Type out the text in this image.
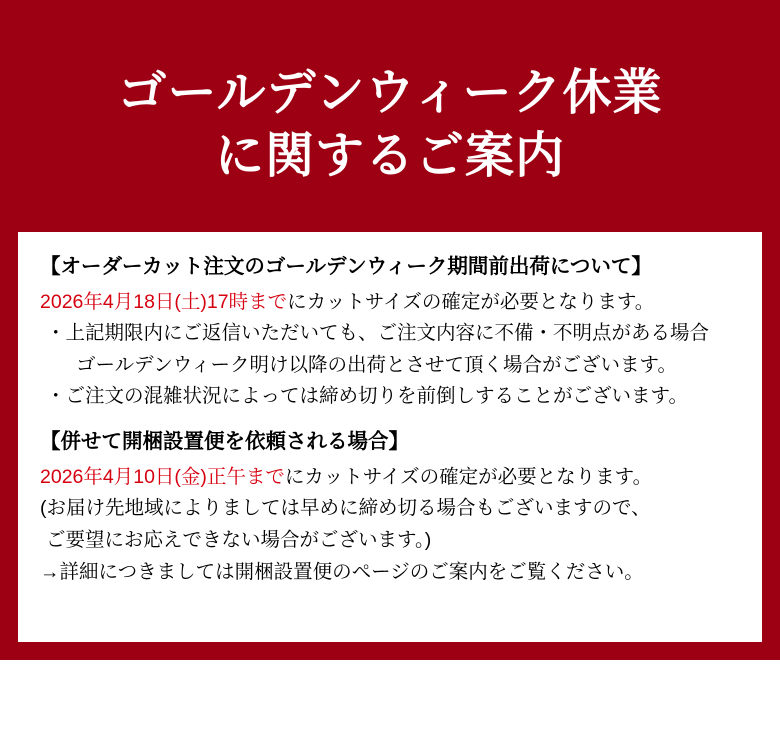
ゴールデンウィーク休業
に関するご案内
【オーダーカット注文のゴールデンウィーク期間前出荷について】
2026年4月18日(土)17時までにカットサイズの確定が必要となります。
・上記期限内にご返信いただいても、ご注文内容に不備・不明点がある場合
ゴールデンウィーク明け以降の出荷とさせて頂く場合がございます。
・ご注文の混雑状況によっては締め切りを前倒しすることがございます。
【併せて開梱設置便を依頼される場合】
2026年4月10日(金)正午までにカットサイズの確定が必要となります。
(お届け先地域によりましては早めに締め切る場合もございますので、
ご要望にお応えできない場合がございます。)
→詳細につきましては開梱設置便のページのご案内をご覧ください。
